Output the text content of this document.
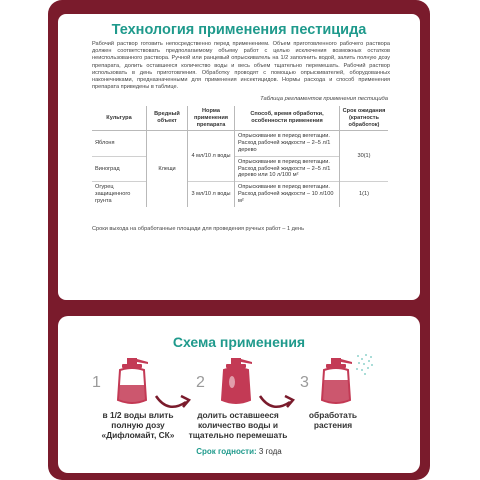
Технология применения пестицида
Рабочий раствор готовить непосредственно перед применением. Объем приготовленного рабочего раствора должен соответствовать предполагаемому объему работ с целью исключения возможных остатков неиспользованного раствора. Ручной или ранцевый опрыскиватель на 1/2 заполнить водой, залить полную дозу препарата, долить оставшееся количество воды и весь объем тщательно перемешать. Рабочий раствор использовать в день приготовления. Обработку проводят с помощью опрыскивателей, оборудованных наконечниками, предназначенными для применения инсектицидов. Нормы расхода и способ применения препарата приведены в таблице.
Таблица регламентов применения пестицида
Культура	Вредный объект	Норма применения препарата	Способ, время обработки, особенности применения	Срок ожидания (кратность обработок)
Яблоня	Клещи	4 мл/10 л воды	Опрыскивание в период вегетации. Расход рабочей жидкости – 2–5 л/1 дерево	30(1)
Виноград			Опрыскивание в период вегетации. Расход рабочей жидкости – 2–5 л/1 дерево или 10 л/100 м²	
Огурец защищенного грунта		3 мл/10 л воды	Опрыскивание в период вегетации. Расход рабочей жидкости – 10 л/100 м²	1(1)
Сроки выхода на обработанные площади для проведения ручных работ – 1 день
Схема применения
1
в 1/2 воды влить полную дозу «Дифломайт, СК»
2
долить оставшееся количество воды и тщательно перемешать
3
обработать растения
Срок годности: 3 года
